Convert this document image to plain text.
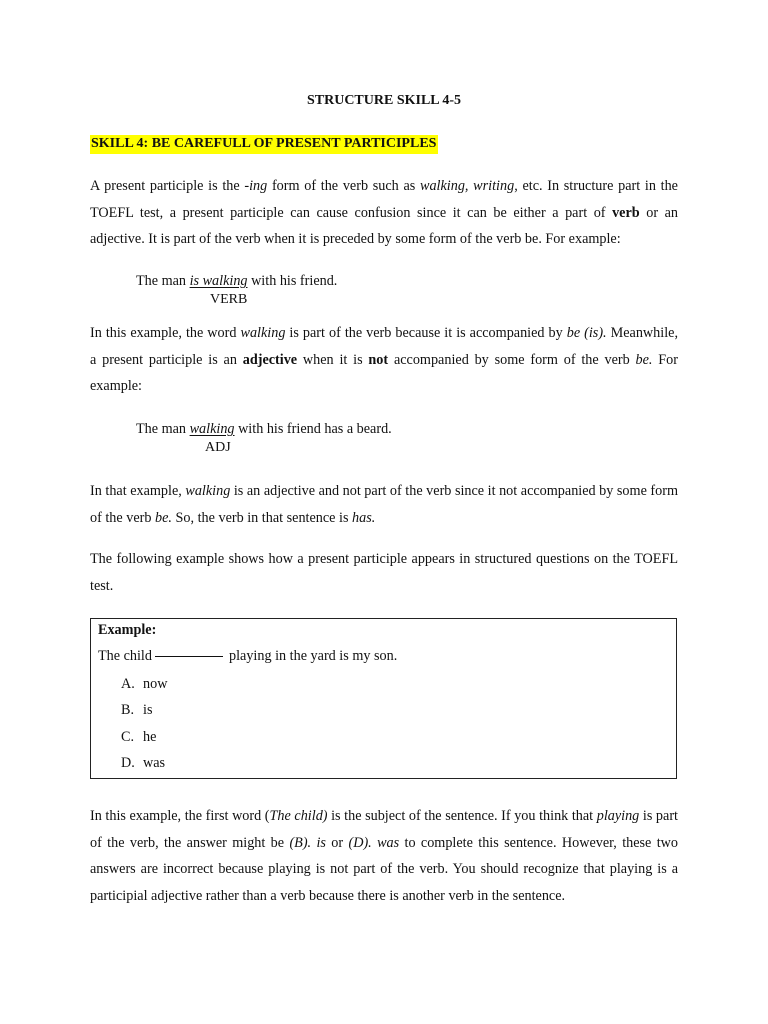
STRUCTURE SKILL 4-5
SKILL 4: BE CAREFULL OF PRESENT PARTICIPLES

A present participle is the -ing form of the verb such as walking, writing, etc. In structure part in the TOEFL test, a present participle can cause confusion since it can be either a part of verb or an adjective. It is part of the verb when it is preceded by some form of the verb be. For example:

The man is walking with his friend.
VERB

In this example, the word walking is part of the verb because it is accompanied by be (is). Meanwhile, a present participle is an adjective when it is not accompanied by some form of the verb be. For example:

The man walking with his friend has a beard.
ADJ

In that example, walking is an adjective and not part of the verb since it not accompanied by some form of the verb be. So, the verb in that sentence is has.

The following example shows how a present participle appears in structured questions on the TOEFL test.

Example:
The child	playing in the yard is my son.
A. now
B. is
C. he
D. was

In this example, the first word (The child) is the subject of the sentence. If you think that playing is part of the verb, the answer might be (B). is or (D). was to complete this sentence. However, these two answers are incorrect because playing is not part of the verb. You should recognize that playing is a participial adjective rather than a verb because there is another verb in the sentence.
